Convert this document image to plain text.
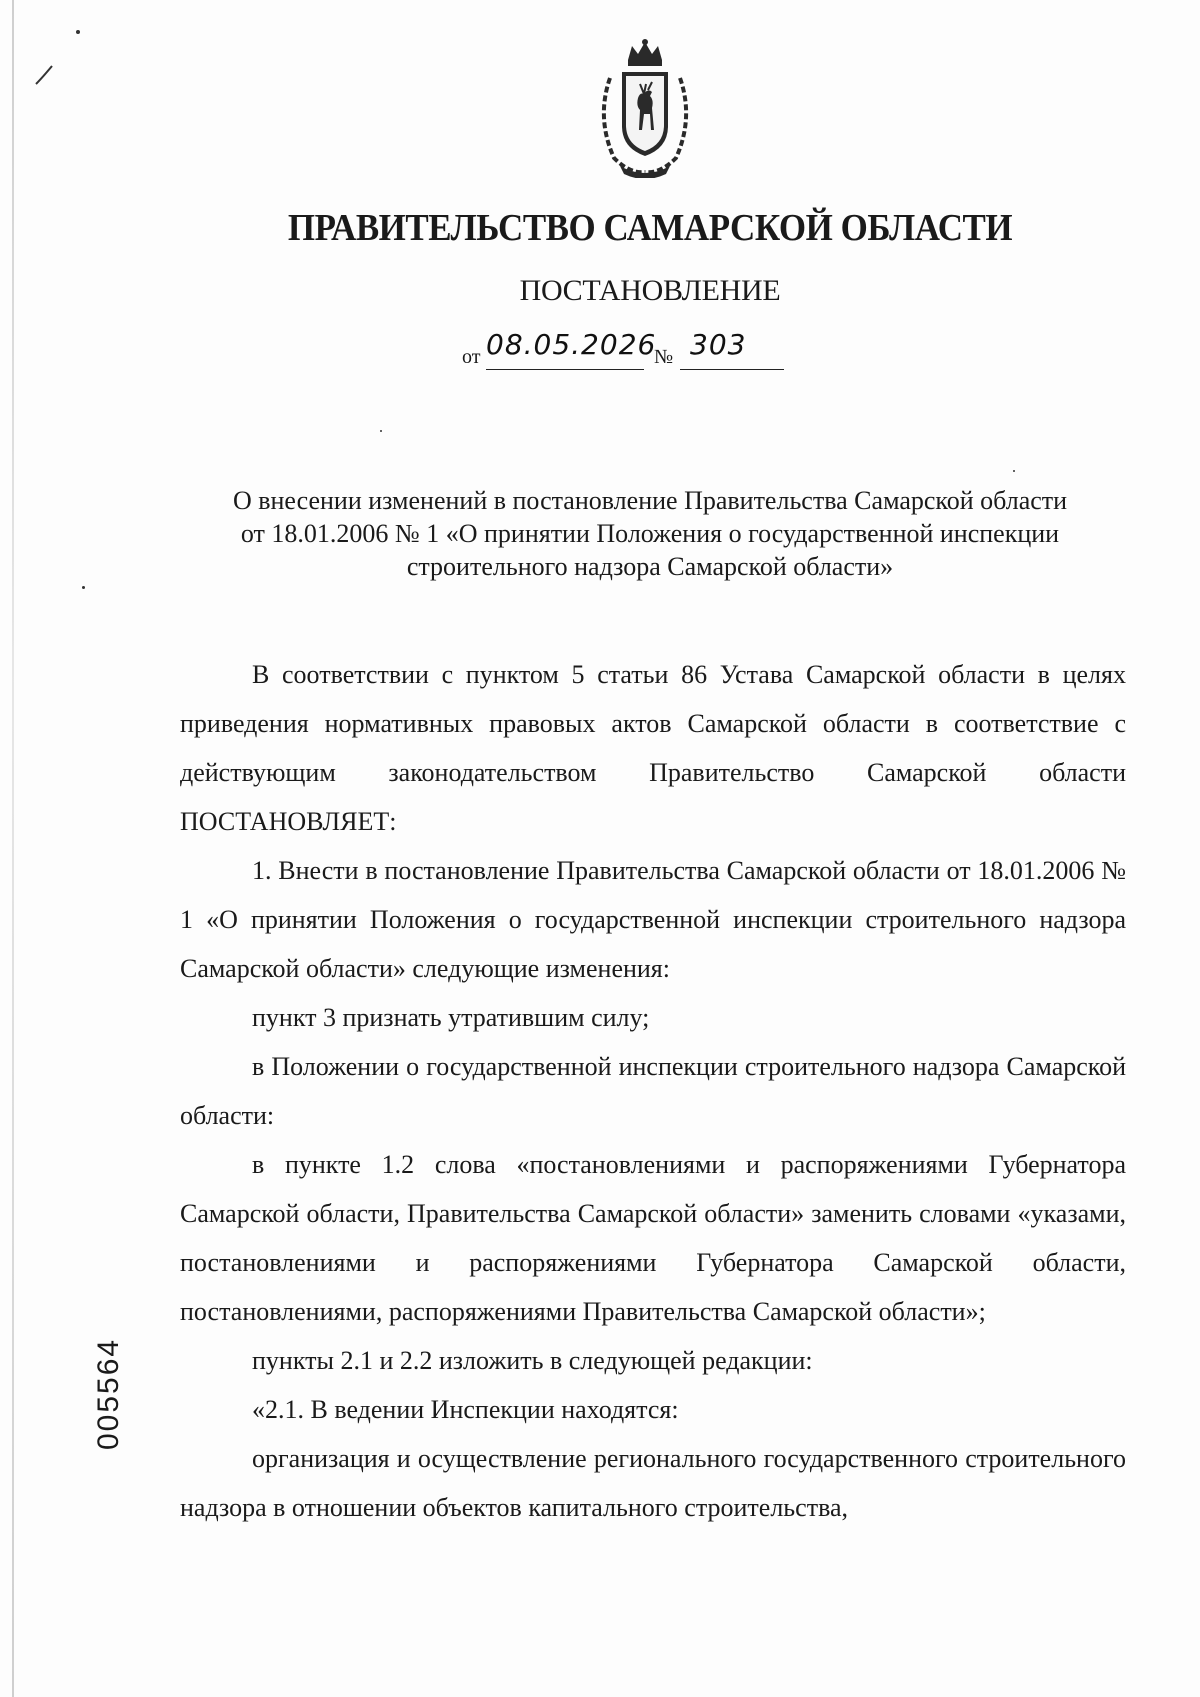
ПРАВИТЕЛЬСТВО САМАРСКОЙ ОБЛАСТИ
ПОСТАНОВЛЕНИЕ
от 08.05.2026
№ 303
О внесении изменений в постановление Правительства Самарской области
от 18.01.2006 № 1 «О принятии Положения о государственной инспекции
строительного надзора Самарской области»

В соответствии с пунктом 5 статьи 86 Устава Самарской области в целях приведения нормативных правовых актов Самарской области в соответствие с действующим законодательством Правительство Самарской области ПОСТАНОВЛЯЕТ:

1. Внести в постановление Правительства Самарской области от 18.01.2006 № 1 «О принятии Положения о государственной инспекции строительного надзора Самарской области» следующие изменения:

пункт 3 признать утратившим силу;

в Положении о государственной инспекции строительного надзора Самарской области:

в пункте 1.2 слова «постановлениями и распоряжениями Губернатора Самарской области, Правительства Самарской области» заменить словами «указами, постановлениями и распоряжениями Губернатора Самарской области, постановлениями, распоряжениями Правительства Самарской области»;

пункты 2.1 и 2.2 изложить в следующей редакции:

«2.1. В ведении Инспекции находятся:

организация и осуществление регионального государственного строительного надзора в отношении объектов капитального строительства,

005564
